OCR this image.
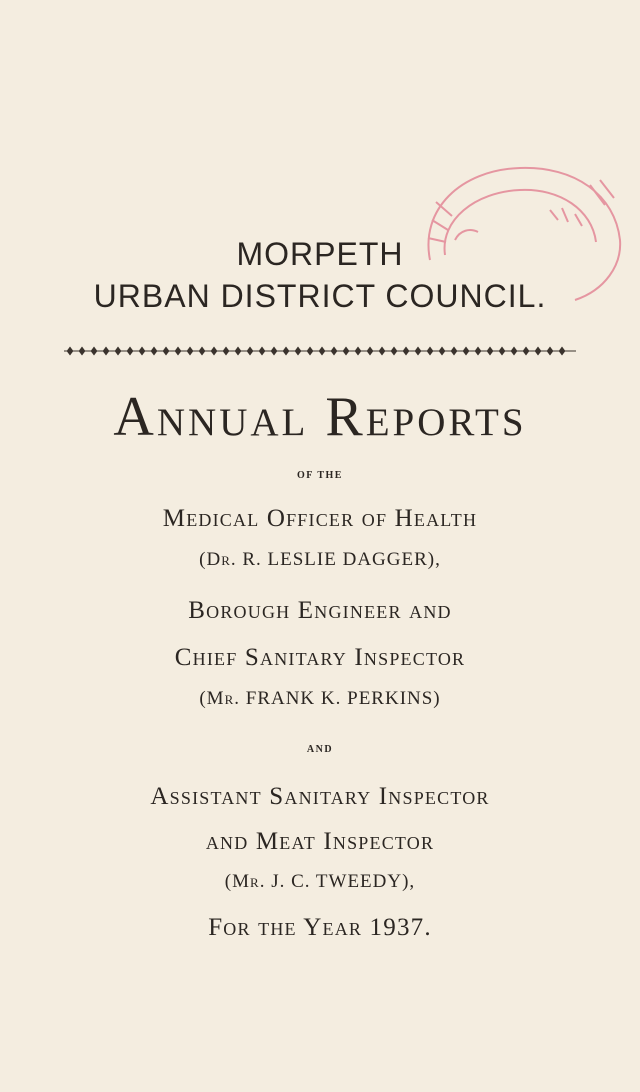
MORPETH
URBAN DISTRICT COUNCIL.
Annual Reports
OF THE
Medical Officer of Health
(Dr. R. LESLIE DAGGER),
Borough Engineer and
Chief Sanitary Inspector
(Mr. FRANK K. PERKINS)
AND
Assistant Sanitary Inspector
and Meat Inspector
(Mr. J. C. TWEEDY),
For the Year 1937.
